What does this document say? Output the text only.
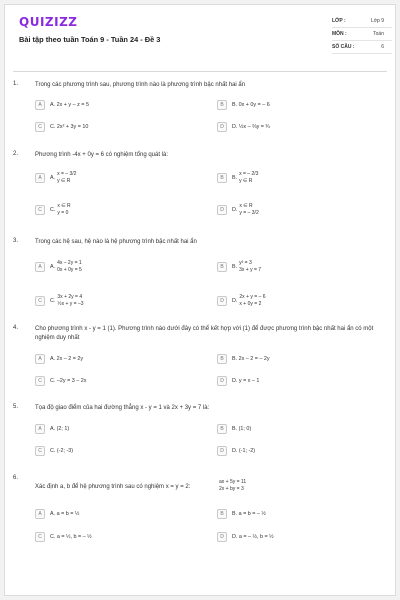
QUIZIZZ
Bài tập theo tuần Toán 9 - Tuần 24 - Đề 3
LỚP :	Lớp 9
MÔN :	Toán
SỐ CÂU :	6
1.	Trong các phương trình sau, phương trình nào là phương trình bậc nhất hai ẩn
A	A. 2x + y – z = 5	B	B. 0x + 0y = – 6
C	C. 2x² + 3y = 10	D	D. ½x – ⅔y = ¾
2.	Phương trình -4x + 0y = 6 có nghiệm tổng quát là:
A	A.
x = – 3/2
y ∈ R	B	B.
x = – 2/3
y ∈ R
C	C.
x ∈ R
y = 0	D	D.
x ∈ R
y = – 3/2
3.	Trong các hệ sau, hệ nào là hệ phương trình bậc nhất hai ẩn
A	A.
4x – 2y = 1
0x + 0y = 5	B	B.
y² = 3
3x + y = 7
C	C.
3x + 2y = 4
½x + y = –3	D	D.
2x + y = – 6
x + 0y = 2
4.	Cho phương trình x - y = 1 (1). Phương trình nào dưới đây có thể kết hợp với (1) để được phương trình bậc nhất hai ẩn có một nghiệm duy nhất
A	A. 2x – 2 = 2y	B	B. 2x – 2 = – 2y
C	C. –2y = 3 – 2x	D	D. y = x – 1
5.	Tọa độ giao điểm của hai đường thẳng x - y = 1 và 2x + 3y = 7 là:
A	A. (2; 1)	B	B. (1; 0)
C	C. (-2; -3)	D	D. (-1; -2)
6.
Xác định a, b để hệ phương trình sau có nghiệm x = y = 2:
ax + 5y = 11
2x + by = 3
A	A. a = b = ½	B	B. a = b = – ½
C	C. a = ½, b = – ½	D	D. a = – ½, b = ½
